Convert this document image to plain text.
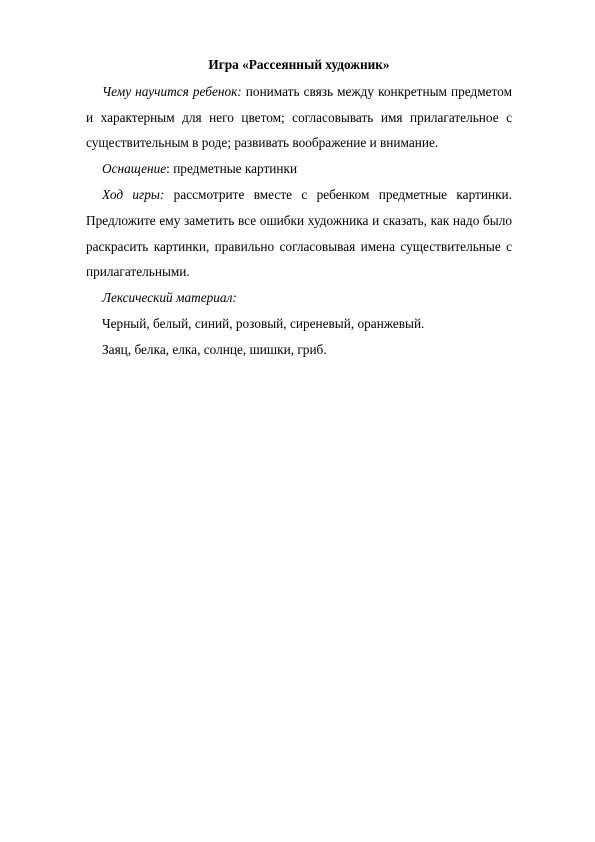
Игра «Рассеянный художник»

Чему научится ребенок: понимать связь между конкретным предметом и характерным для него цветом; согласовывать имя прилагательное с существительным в роде; развивать воображение и внимание.

Оснащение: предметные картинки

Ход игры: рассмотрите вместе с ребенком предметные картинки. Предложите ему заметить все ошибки художника и сказать, как надо было раскрасить картинки, правильно согласовывая имена существительные с прилагательными.

Лексический материал:

Черный, белый, синий, розовый, сиреневый, оранжевый.

Заяц, белка, елка, солнце, шишки, гриб.
